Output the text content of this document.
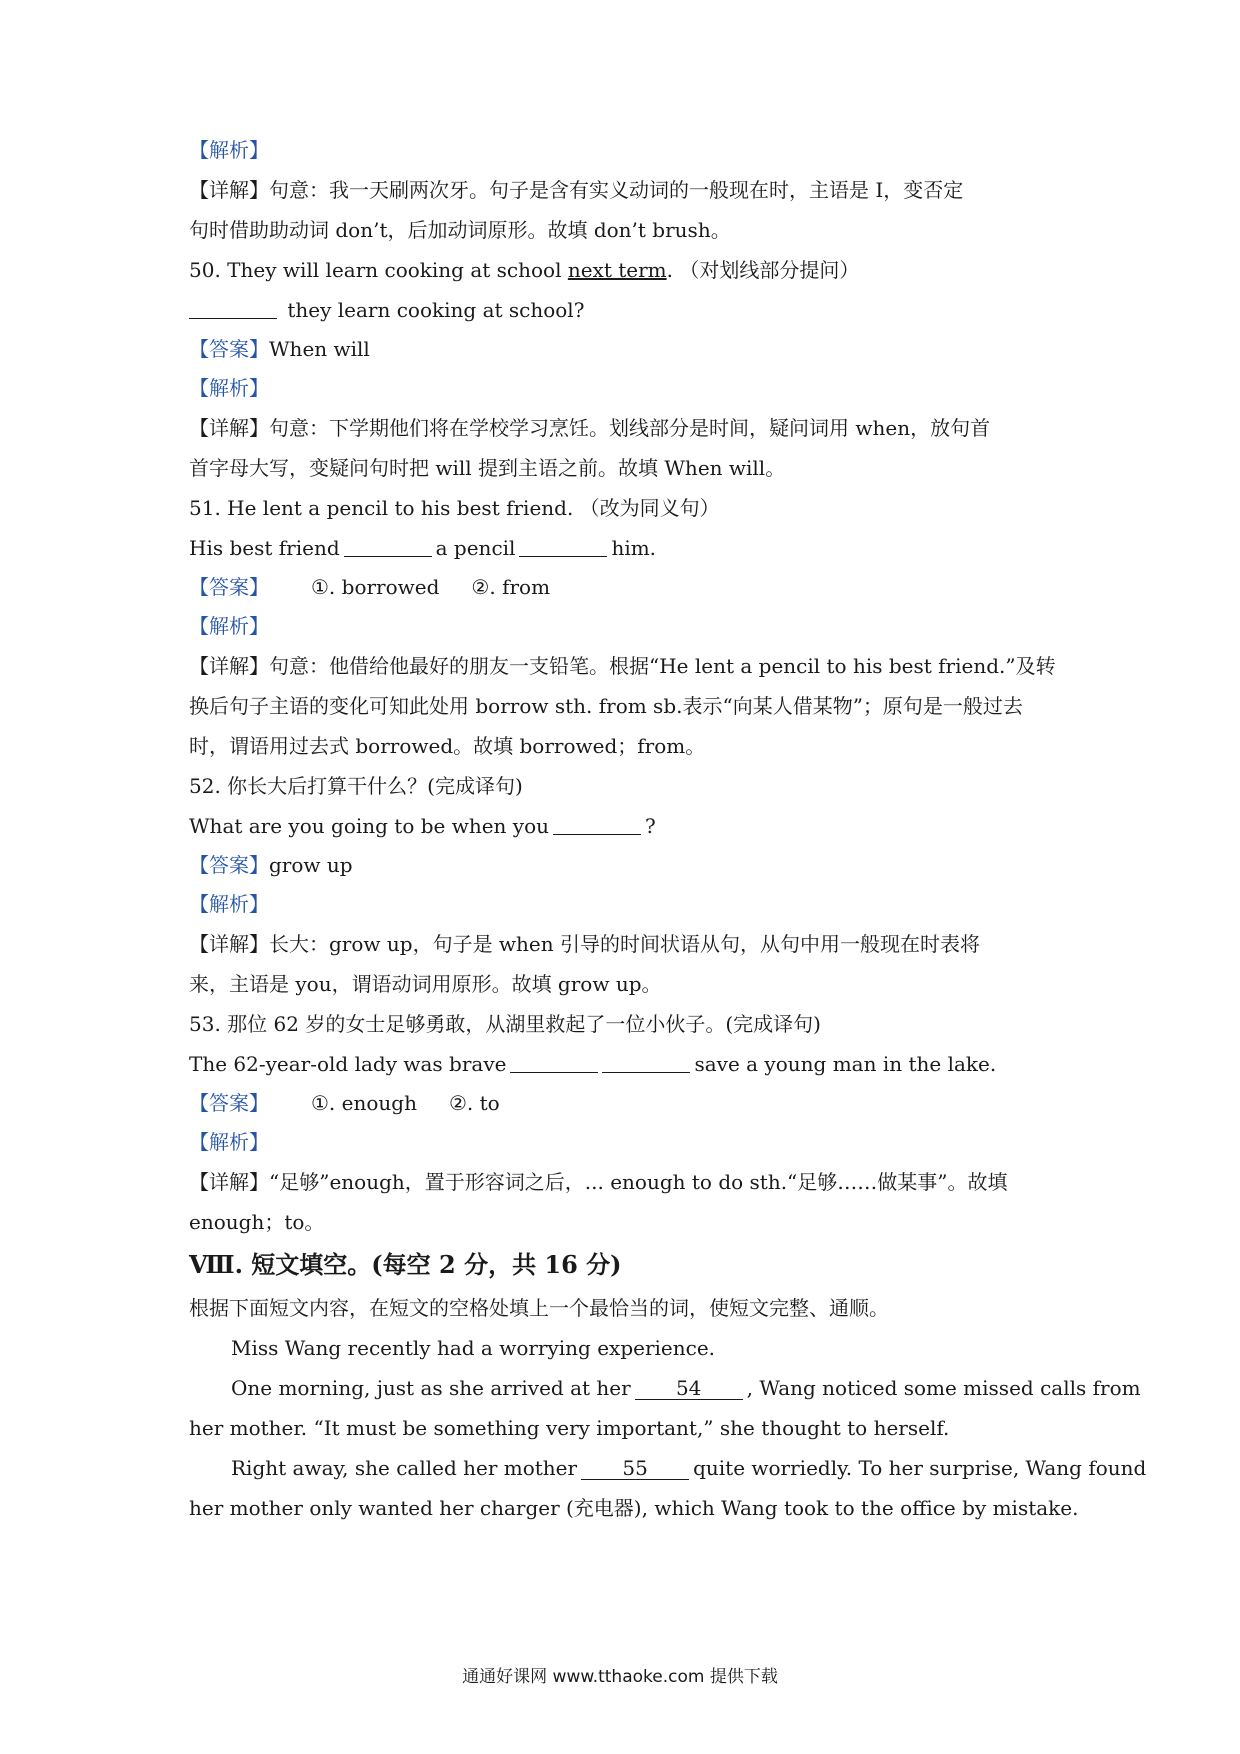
【解析】
【详解】句意：我一天刷两次牙。句子是含有实义动词的一般现在时，主语是 I，变否定
句时借助助动词 don’t，后加动词原形。故填 don’t brush。
50. They will learn cooking at school next term. （对划线部分提问）
they learn cooking at school?
【答案】When will
【解析】
【详解】句意：下学期他们将在学校学习烹饪。划线部分是时间，疑问词用 when，放句首
首字母大写，变疑问句时把 will 提到主语之前。故填 When will。
51. He lent a pencil to his best friend. （改为同义句）
His best friend	a pencil	him.
【答案】 ①. borrowed ②. from
【解析】
【详解】句意：他借给他最好的朋友一支铅笔。根据“He lent a pencil to his best friend.”及转
换后句子主语的变化可知此处用 borrow sth. from sb.表示“向某人借某物”；原句是一般过去
时，谓语用过去式 borrowed。故填 borrowed；from。
52. 你长大后打算干什么？(完成译句)
What are you going to be when you	?
【答案】grow up
【解析】
【详解】长大：grow up，句子是 when 引导的时间状语从句，从句中用一般现在时表将
来，主语是 you，谓语动词用原形。故填 grow up。
53. 那位 62 岁的女士足够勇敢，从湖里救起了一位小伙子。(完成译句)
The 62-year-old lady was brave	save a young man in the lake.
【答案】 ①. enough ②. to
【解析】
【详解】“足够”enough，置于形容词之后，... enough to do sth.“足够……做某事”。故填
enough；to。
Ⅷ. 短文填空。(每空 2 分，共 16 分)
根据下面短文内容，在短文的空格处填上一个最恰当的词，使短文完整、通顺。
Miss Wang recently had a worrying experience.
One morning, just as she arrived at her 54 , Wang noticed some missed calls from
her mother. “It must be something very important,” she thought to herself.
Right away, she called her mother 55 quite worriedly. To her surprise, Wang found
her mother only wanted her charger (充电器), which Wang took to the office by mistake.
通通好课网 www.tthaoke.com 提供下载
